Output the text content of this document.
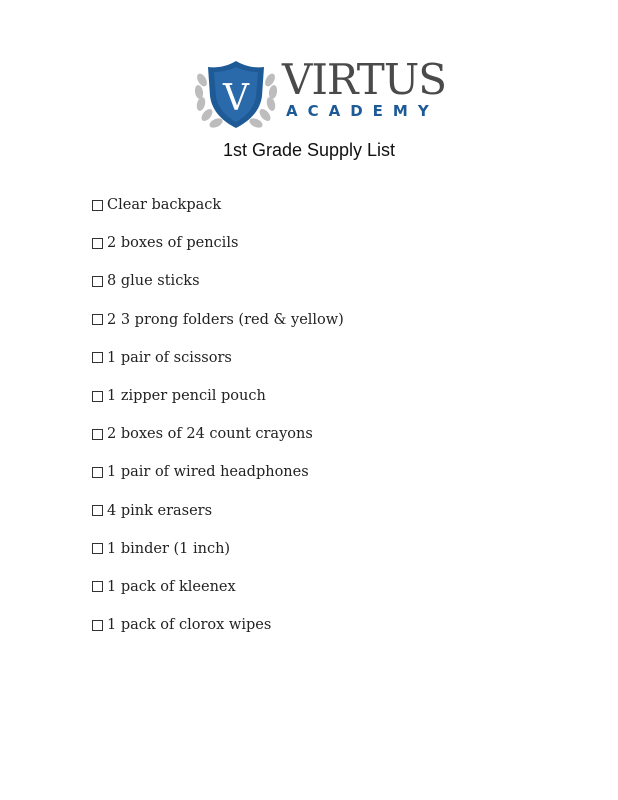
V VIRTUS
ACADEMY
1st Grade Supply List
Clear backpack
2 boxes of pencils
8 glue sticks
2 3 prong folders (red & yellow)
1 pair of scissors
1 zipper pencil pouch
2 boxes of 24 count crayons
1 pair of wired headphones
4 pink erasers
1 binder (1 inch)
1 pack of kleenex
1 pack of clorox wipes
